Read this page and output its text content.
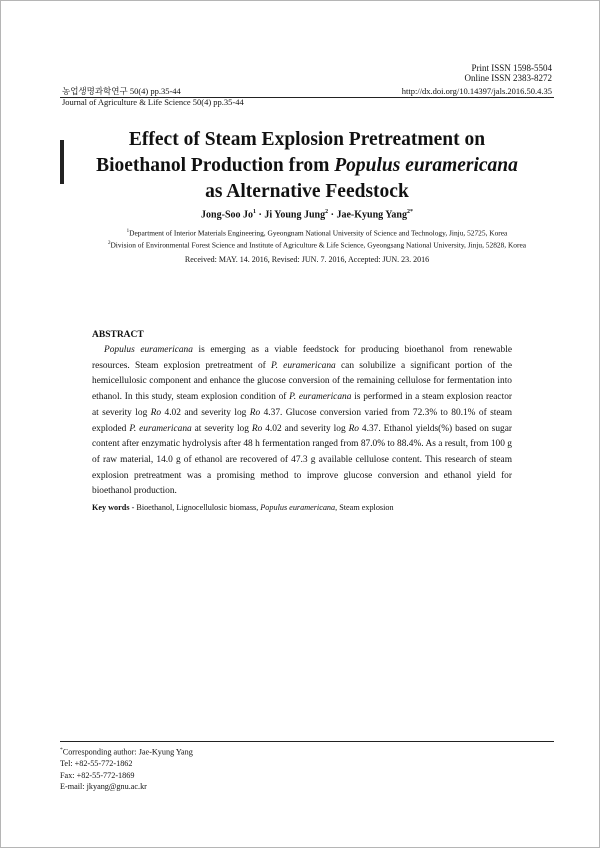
Print ISSN 1598-5504
Online ISSN 2383-8272
농업생명과학연구 50(4) pp.35-44
Journal of Agriculture & Life Science 50(4) pp.35-44
http://dx.doi.org/10.14397/jals.2016.50.4.35
Effect of Steam Explosion Pretreatment on
Bioethanol Production from Populus euramericana
as Alternative Feedstock
Jong-Soo $Jo^1 \cdot Ji$ Young Jung$^2$ · Jae-Kyung Yang$^{2*}$
$^1$Department of Interior Materials Engineering, Gyeongnam National University of Science and Technology, Jinju, 52725, Korea
$^2$Division of Environmental Forest Science and Institute of Agriculture & Life Science, Gyeongsang National University, Jinju, 52828, Korea
Received: MAY. 14. 2016, Revised: JUN. 7. 2016, Accepted: JUN. 23. 2016
ABSTRACT

Populus euramericana is emerging as a viable feedstock for producing bioethanol from renewable resources. Steam explosion pretreatment of P. euramericana can solubilize a significant portion of the hemicellulosic component and enhance the glucose conversion of the remaining cellulose for fermentation into ethanol. In this study, steam explosion condition of P. euramericana is performed in a steam explosion reactor at severity log Ro 4.02 and severity log Ro 4.37. Glucose conversion varied from 72.3% to 80.1% of steam exploded P. euramericana at severity log Ro 4.02 and severity log Ro 4.37. Ethanol yields(%) based on sugar content after enzymatic hydrolysis after 48 h fermentation ranged from 87.0% to 88.4%. As a result, from 100 g of raw material, 14.0 g of ethanol are recovered of 47.3 g available cellulose content. This research of steam explosion pretreatment was a promising method to improve glucose conversion and ethanol yield for bioethanol production.

Key words - Bioethanol, Lignocellulosic biomass, Populus euramericana, Steam explosion
*Corresponding author: Jae-Kyung Yang
Tel: +82-55-772-1862
Fax: +82-55-772-1869
E-mail: jkyang@gnu.ac.kr
